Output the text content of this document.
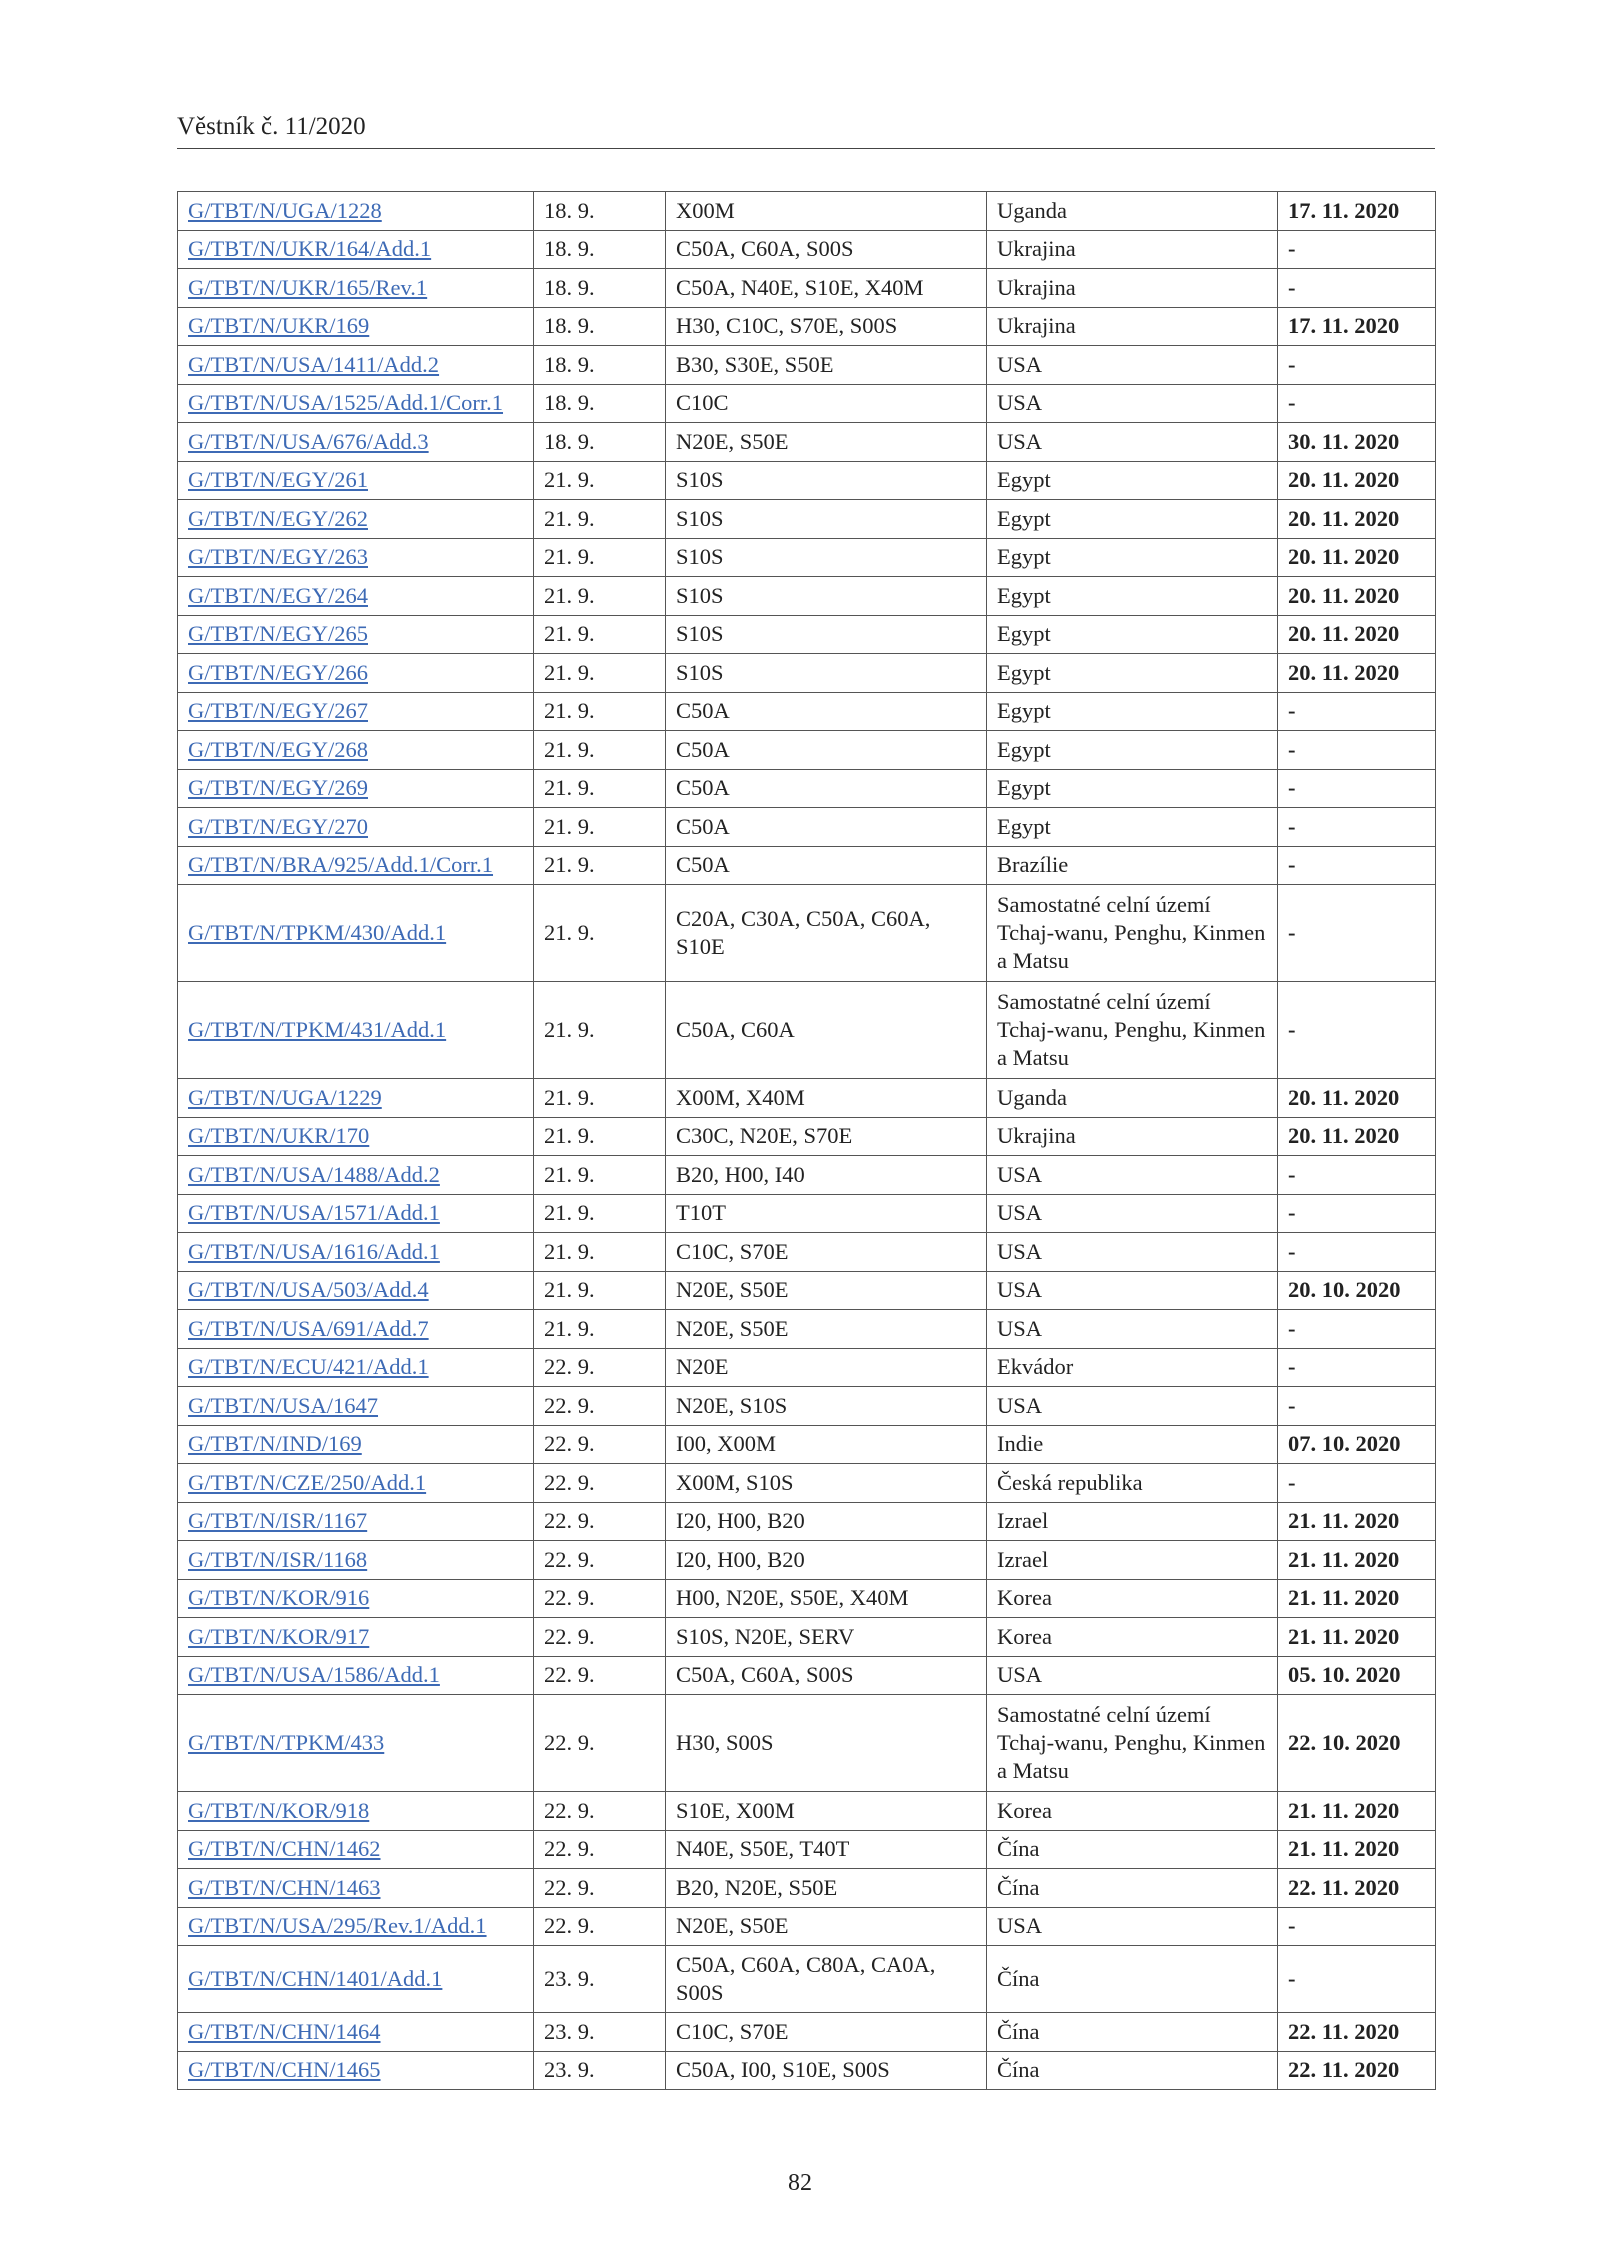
Věstník č. 11/2020
G/TBT/N/UGA/1228	18. 9.	X00M	Uganda	17. 11. 2020
G/TBT/N/UKR/164/Add.1	18. 9.	C50A, C60A, S00S	Ukrajina	-
G/TBT/N/UKR/165/Rev.1	18. 9.	C50A, N40E, S10E, X40M	Ukrajina	-
G/TBT/N/UKR/169	18. 9.	H30, C10C, S70E, S00S	Ukrajina	17. 11. 2020
G/TBT/N/USA/1411/Add.2	18. 9.	B30, S30E, S50E	USA	-
G/TBT/N/USA/1525/Add.1/Corr.1	18. 9.	C10C	USA	-
G/TBT/N/USA/676/Add.3	18. 9.	N20E, S50E	USA	30. 11. 2020
G/TBT/N/EGY/261	21. 9.	S10S	Egypt	20. 11. 2020
G/TBT/N/EGY/262	21. 9.	S10S	Egypt	20. 11. 2020
G/TBT/N/EGY/263	21. 9.	S10S	Egypt	20. 11. 2020
G/TBT/N/EGY/264	21. 9.	S10S	Egypt	20. 11. 2020
G/TBT/N/EGY/265	21. 9.	S10S	Egypt	20. 11. 2020
G/TBT/N/EGY/266	21. 9.	S10S	Egypt	20. 11. 2020
G/TBT/N/EGY/267	21. 9.	C50A	Egypt	-
G/TBT/N/EGY/268	21. 9.	C50A	Egypt	-
G/TBT/N/EGY/269	21. 9.	C50A	Egypt	-
G/TBT/N/EGY/270	21. 9.	C50A	Egypt	-
G/TBT/N/BRA/925/Add.1/Corr.1	21. 9.	C50A	Brazílie	-
G/TBT/N/TPKM/430/Add.1	21. 9.	C20A, C30A, C50A, C60A, S10E	Samostatné celní území Tchaj-wanu, Penghu, Kinmen a Matsu	-
G/TBT/N/TPKM/431/Add.1	21. 9.	C50A, C60A	Samostatné celní území Tchaj-wanu, Penghu, Kinmen a Matsu	-
G/TBT/N/UGA/1229	21. 9.	X00M, X40M	Uganda	20. 11. 2020
G/TBT/N/UKR/170	21. 9.	C30C, N20E, S70E	Ukrajina	20. 11. 2020
G/TBT/N/USA/1488/Add.2	21. 9.	B20, H00, I40	USA	-
G/TBT/N/USA/1571/Add.1	21. 9.	T10T	USA	-
G/TBT/N/USA/1616/Add.1	21. 9.	C10C, S70E	USA	-
G/TBT/N/USA/503/Add.4	21. 9.	N20E, S50E	USA	20. 10. 2020
G/TBT/N/USA/691/Add.7	21. 9.	N20E, S50E	USA	-
G/TBT/N/ECU/421/Add.1	22. 9.	N20E	Ekvádor	-
G/TBT/N/USA/1647	22. 9.	N20E, S10S	USA	-
G/TBT/N/IND/169	22. 9.	I00, X00M	Indie	07. 10. 2020
G/TBT/N/CZE/250/Add.1	22. 9.	X00M, S10S	Česká republika	-
G/TBT/N/ISR/1167	22. 9.	I20, H00, B20	Izrael	21. 11. 2020
G/TBT/N/ISR/1168	22. 9.	I20, H00, B20	Izrael	21. 11. 2020
G/TBT/N/KOR/916	22. 9.	H00, N20E, S50E, X40M	Korea	21. 11. 2020
G/TBT/N/KOR/917	22. 9.	S10S, N20E, SERV	Korea	21. 11. 2020
G/TBT/N/USA/1586/Add.1	22. 9.	C50A, C60A, S00S	USA	05. 10. 2020
G/TBT/N/TPKM/433	22. 9.	H30, S00S	Samostatné celní území Tchaj-wanu, Penghu, Kinmen a Matsu	22. 10. 2020
G/TBT/N/KOR/918	22. 9.	S10E, X00M	Korea	21. 11. 2020
G/TBT/N/CHN/1462	22. 9.	N40E, S50E, T40T	Čína	21. 11. 2020
G/TBT/N/CHN/1463	22. 9.	B20, N20E, S50E	Čína	22. 11. 2020
G/TBT/N/USA/295/Rev.1/Add.1	22. 9.	N20E, S50E	USA	-
G/TBT/N/CHN/1401/Add.1	23. 9.	C50A, C60A, C80A, CA0A, S00S	Čína	-
G/TBT/N/CHN/1464	23. 9.	C10C, S70E	Čína	22. 11. 2020
G/TBT/N/CHN/1465	23. 9.	C50A, I00, S10E, S00S	Čína	22. 11. 2020
82
